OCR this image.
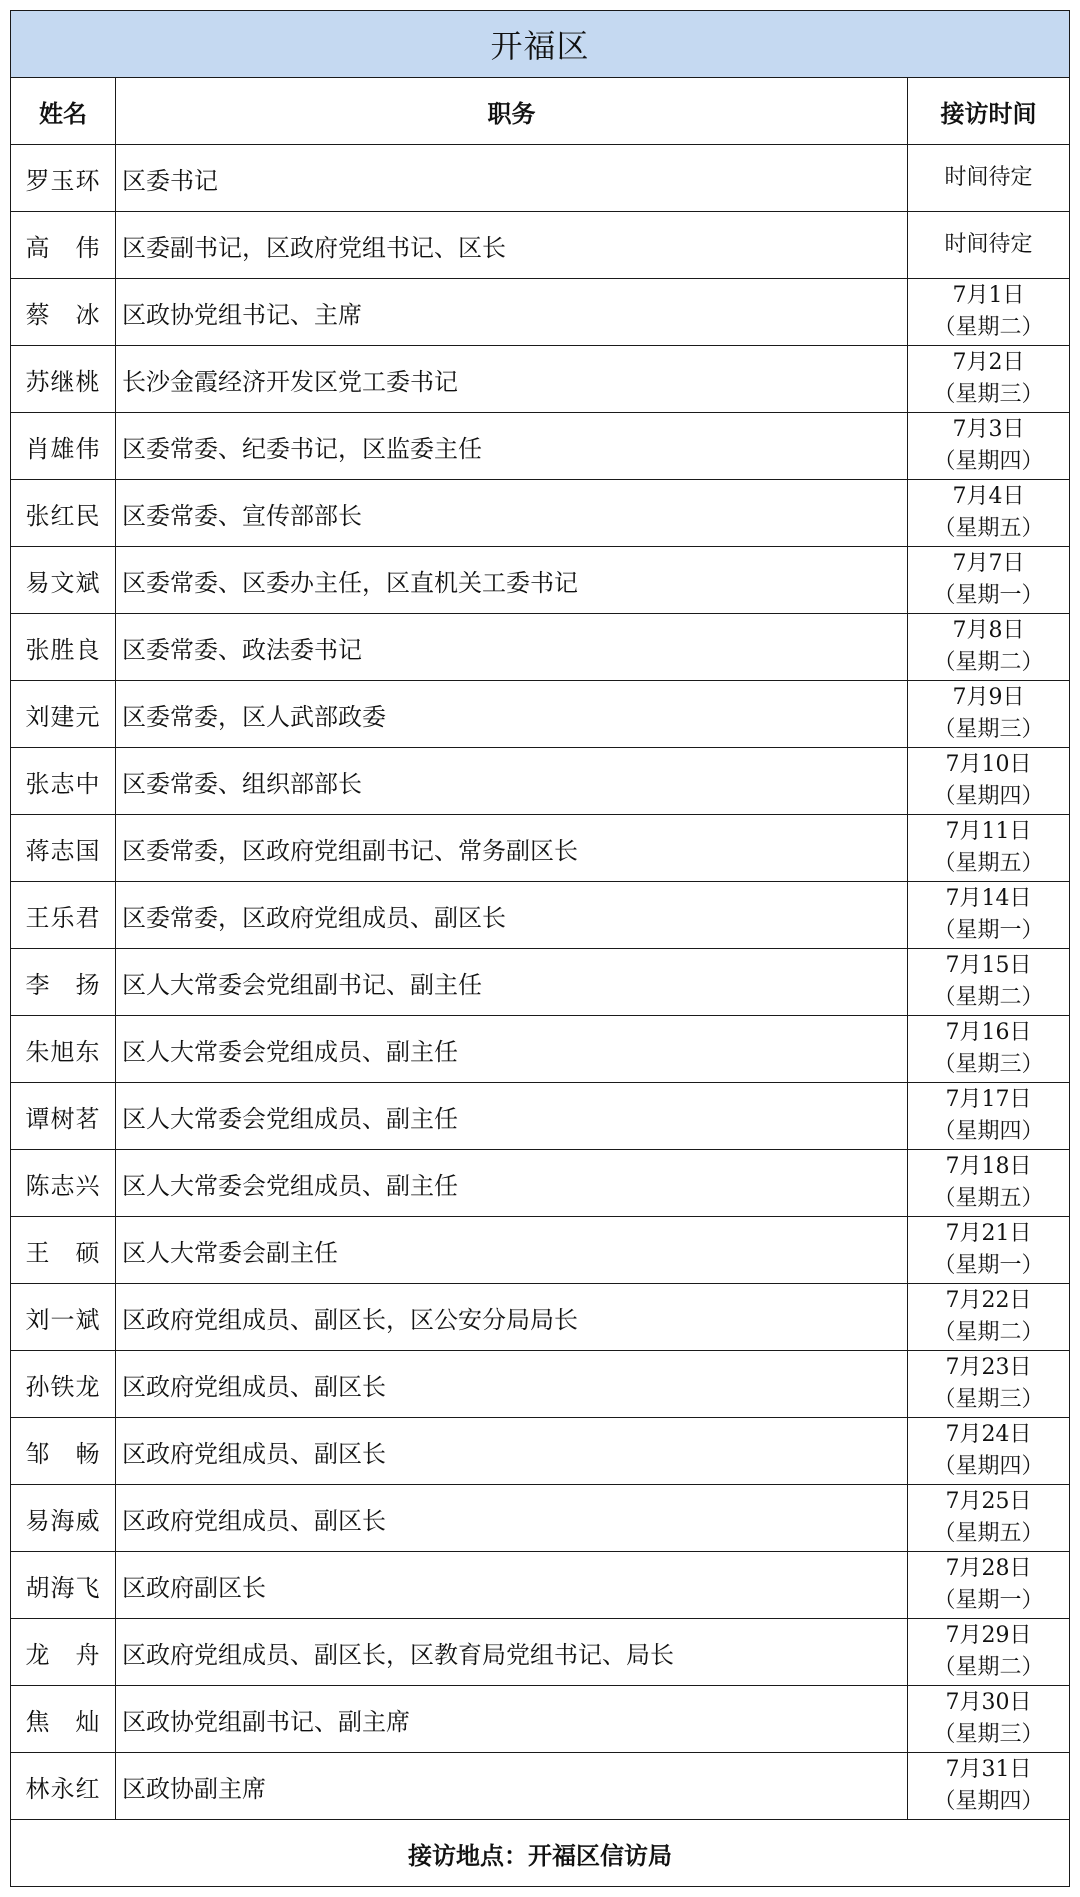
开福区		
姓名	职务	接访时间
罗玉环	区委书记	时间待定

高　伟	区委副书记，区政府党组书记、区长	时间待定

蔡　冰	区政协党组书记、主席	7月1日
（星期二）

苏继桃	长沙金霞经济开发区党工委书记	7月2日
（星期三）

肖雄伟	区委常委、纪委书记，区监委主任	7月3日
（星期四）

张红民	区委常委、宣传部部长	7月4日
（星期五）

易文斌	区委常委、区委办主任，区直机关工委书记	7月7日
（星期一）

张胜良	区委常委、政法委书记	7月8日
（星期二）

刘建元	区委常委，区人武部政委	7月9日
（星期三）

张志中	区委常委、组织部部长	7月10日
（星期四）

蒋志国	区委常委，区政府党组副书记、常务副区长	7月11日
（星期五）

王乐君	区委常委，区政府党组成员、副区长	7月14日
（星期一）

李　扬	区人大常委会党组副书记、副主任	7月15日
（星期二）

朱旭东	区人大常委会党组成员、副主任	7月16日
（星期三）

谭树茗	区人大常委会党组成员、副主任	7月17日
（星期四）

陈志兴	区人大常委会党组成员、副主任	7月18日
（星期五）

王　硕	区人大常委会副主任	7月21日
（星期一）

刘一斌	区政府党组成员、副区长，区公安分局局长	7月22日
（星期二）

孙铁龙	区政府党组成员、副区长	7月23日
（星期三）

邹　畅	区政府党组成员、副区长	7月24日
（星期四）

易海威	区政府党组成员、副区长	7月25日
（星期五）

胡海飞	区政府副区长	7月28日
（星期一）

龙　舟	区政府党组成员、副区长，区教育局党组书记、局长	7月29日
（星期二）

焦　灿	区政协党组副书记、副主席	7月30日
（星期三）

林永红	区政协副主席	7月31日
（星期四）

接访地点：开福区信访局		
